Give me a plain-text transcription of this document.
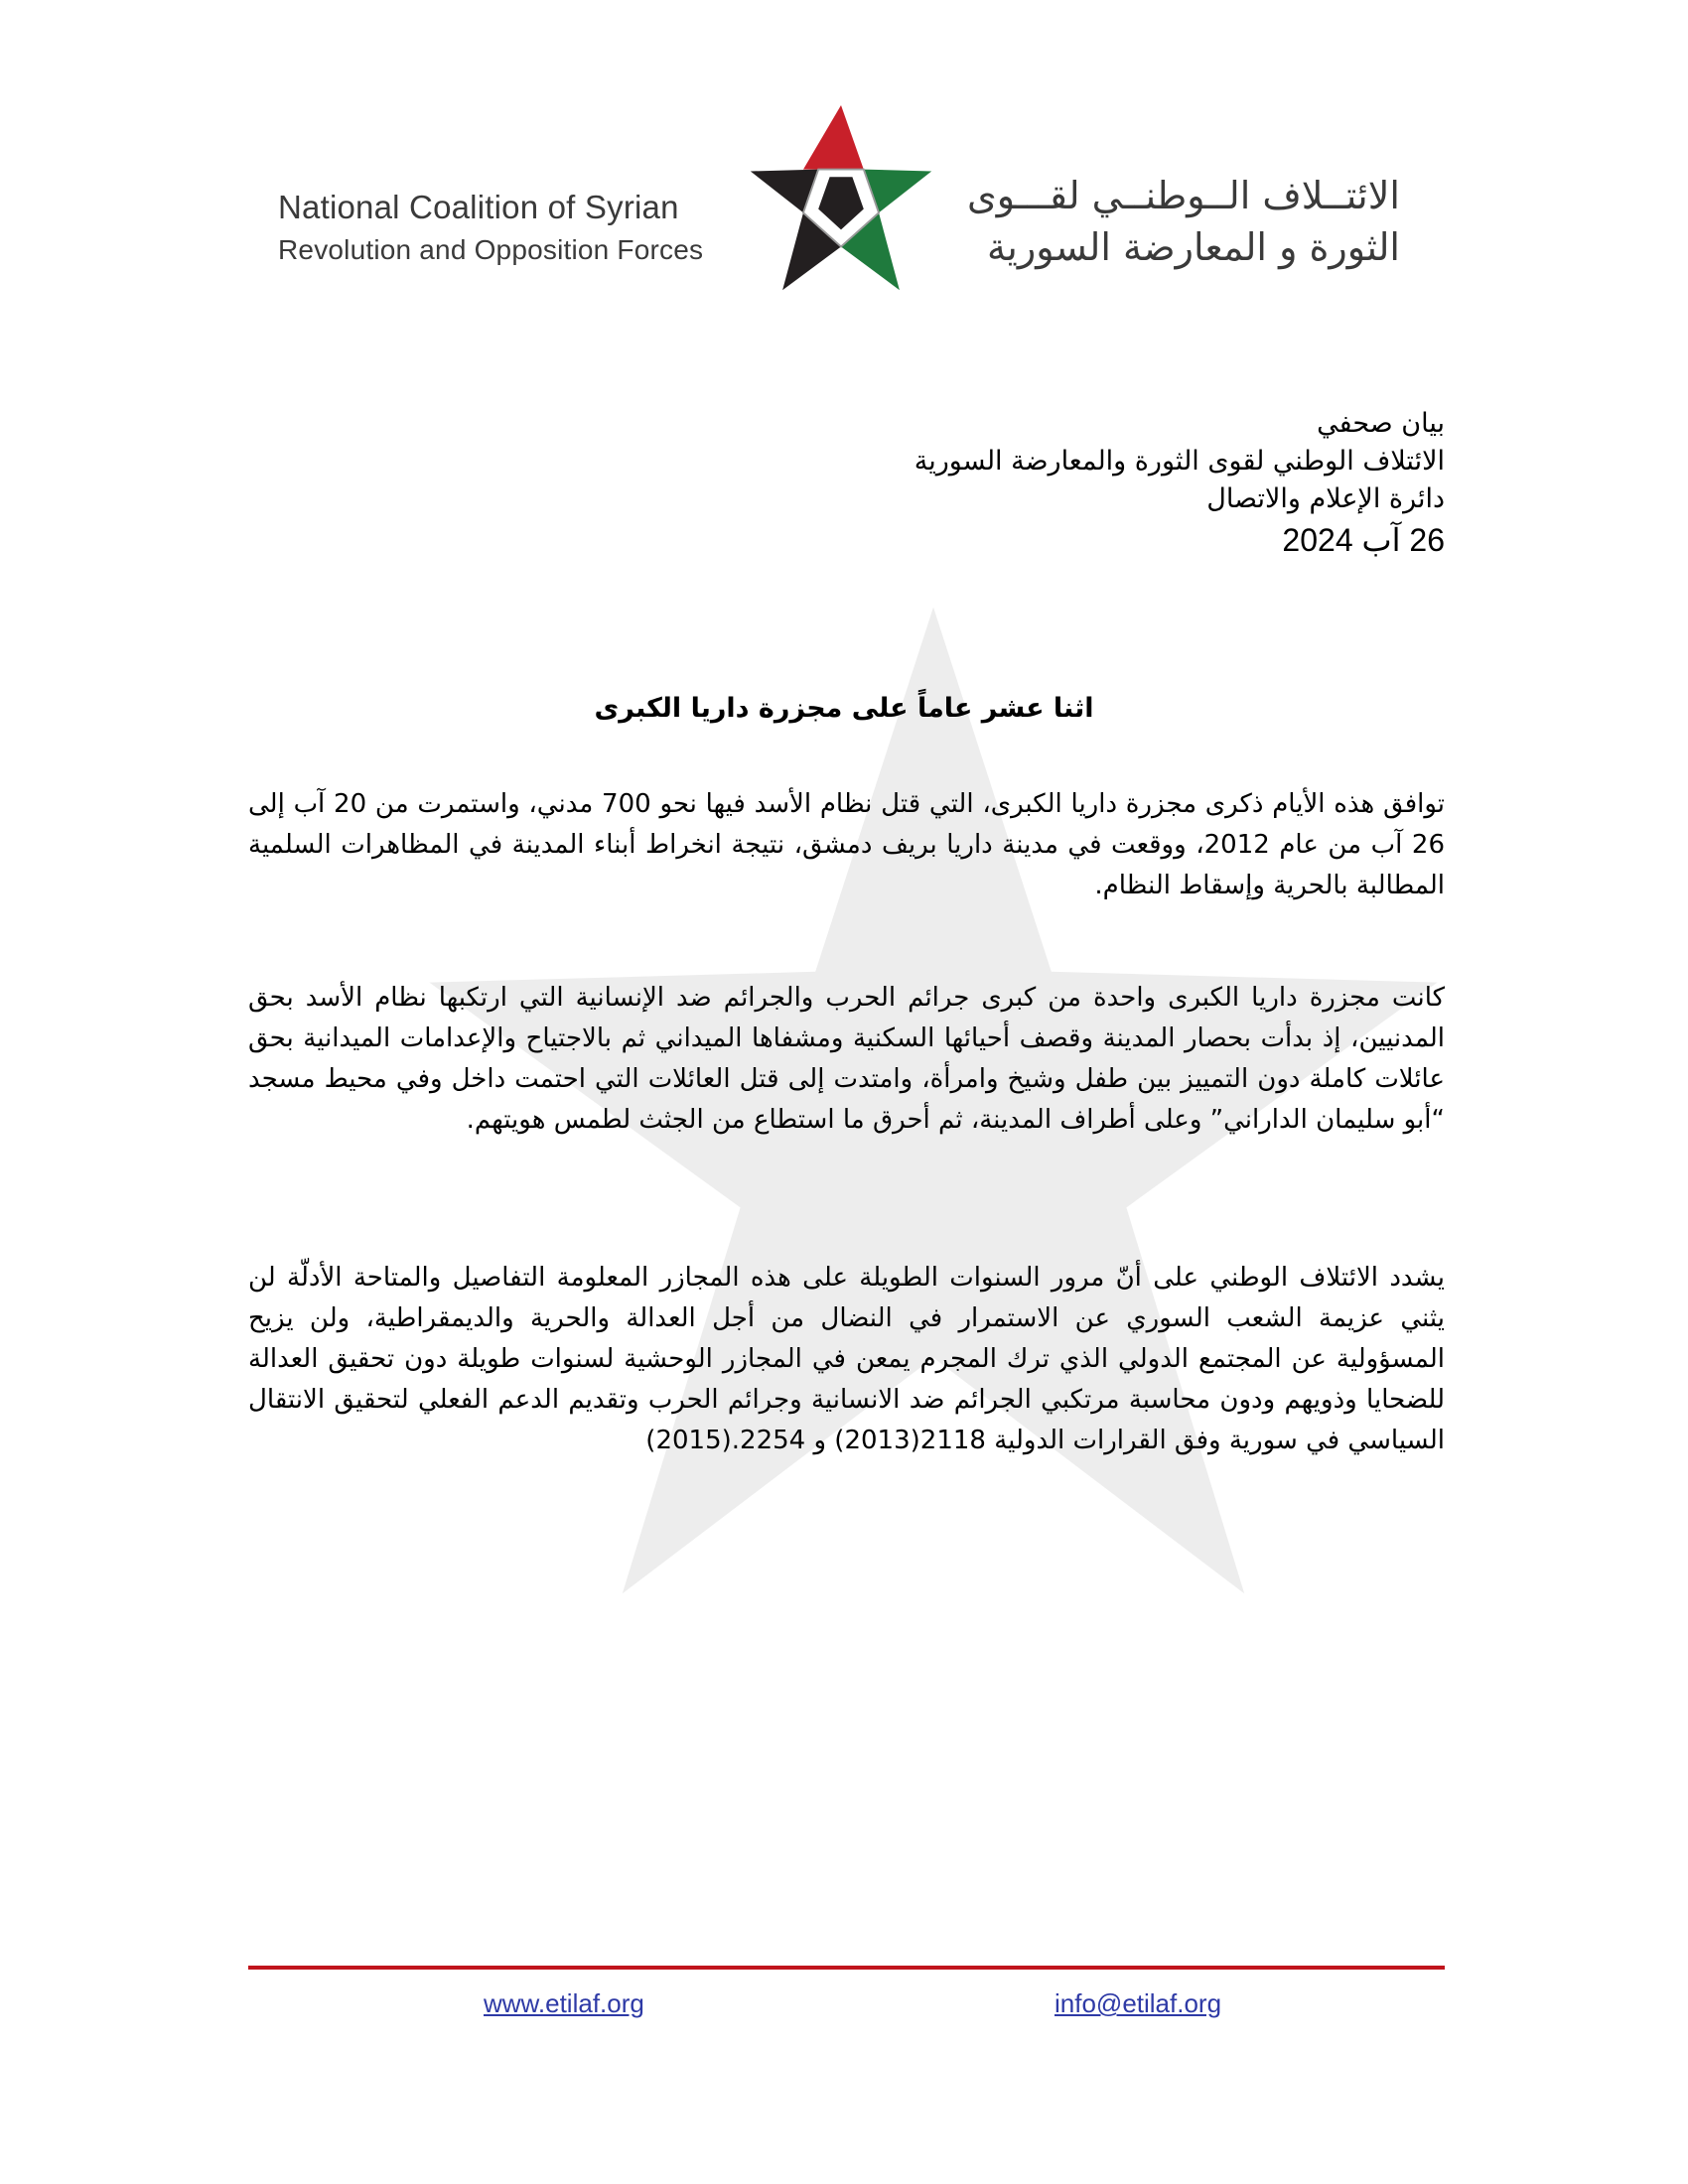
National Coalition of Syrian
Revolution and Opposition Forces
الائتــلاف الــوطنــي لقـــوى
الثورة و المعارضة السورية
بيان صحفي
الائتلاف الوطني لقوى الثورة والمعارضة السورية
دائرة الإعلام والاتصال
26 آب 2024
اثنا عشر عاماً على مجزرة داريا الكبرى
توافق هذه الأيام ذكرى مجزرة داريا الكبرى، التي قتل نظام الأسد فيها نحو 700 مدني، واستمرت من 20 آب إلى 26 آب من عام 2012، ووقعت في مدينة داريا بريف دمشق، نتيجة انخراط أبناء المدينة في المظاهرات السلمية المطالبة بالحرية وإسقاط النظام.
كانت مجزرة داريا الكبرى واحدة من كبرى جرائم الحرب والجرائم ضد الإنسانية التي ارتكبها نظام الأسد بحق المدنيين، إذ بدأت بحصار المدينة وقصف أحيائها السكنية ومشفاها الميداني ثم بالاجتياح والإعدامات الميدانية بحق عائلات كاملة دون التمييز بين طفل وشيخ وامرأة، وامتدت إلى قتل العائلات التي احتمت داخل وفي محيط مسجد “أبو سليمان الداراني” وعلى أطراف المدينة، ثم أحرق ما استطاع من الجثث لطمس هويتهم.
يشدد الائتلاف الوطني على أنّ مرور السنوات الطويلة على هذه المجازر المعلومة التفاصيل والمتاحة الأدلّة لن يثني عزيمة الشعب السوري عن الاستمرار في النضال من أجل العدالة والحرية والديمقراطية، ولن يزيح المسؤولية عن المجتمع الدولي الذي ترك المجرم يمعن في المجازر الوحشية لسنوات طويلة دون تحقيق العدالة للضحايا وذويهم ودون محاسبة مرتكبي الجرائم ضد الانسانية وجرائم الحرب وتقديم الدعم الفعلي لتحقيق الانتقال السياسي في سورية وفق القرارات الدولية 2118(2013) و 2254.(2015)
www.etilaf.org	info@etilaf.org
